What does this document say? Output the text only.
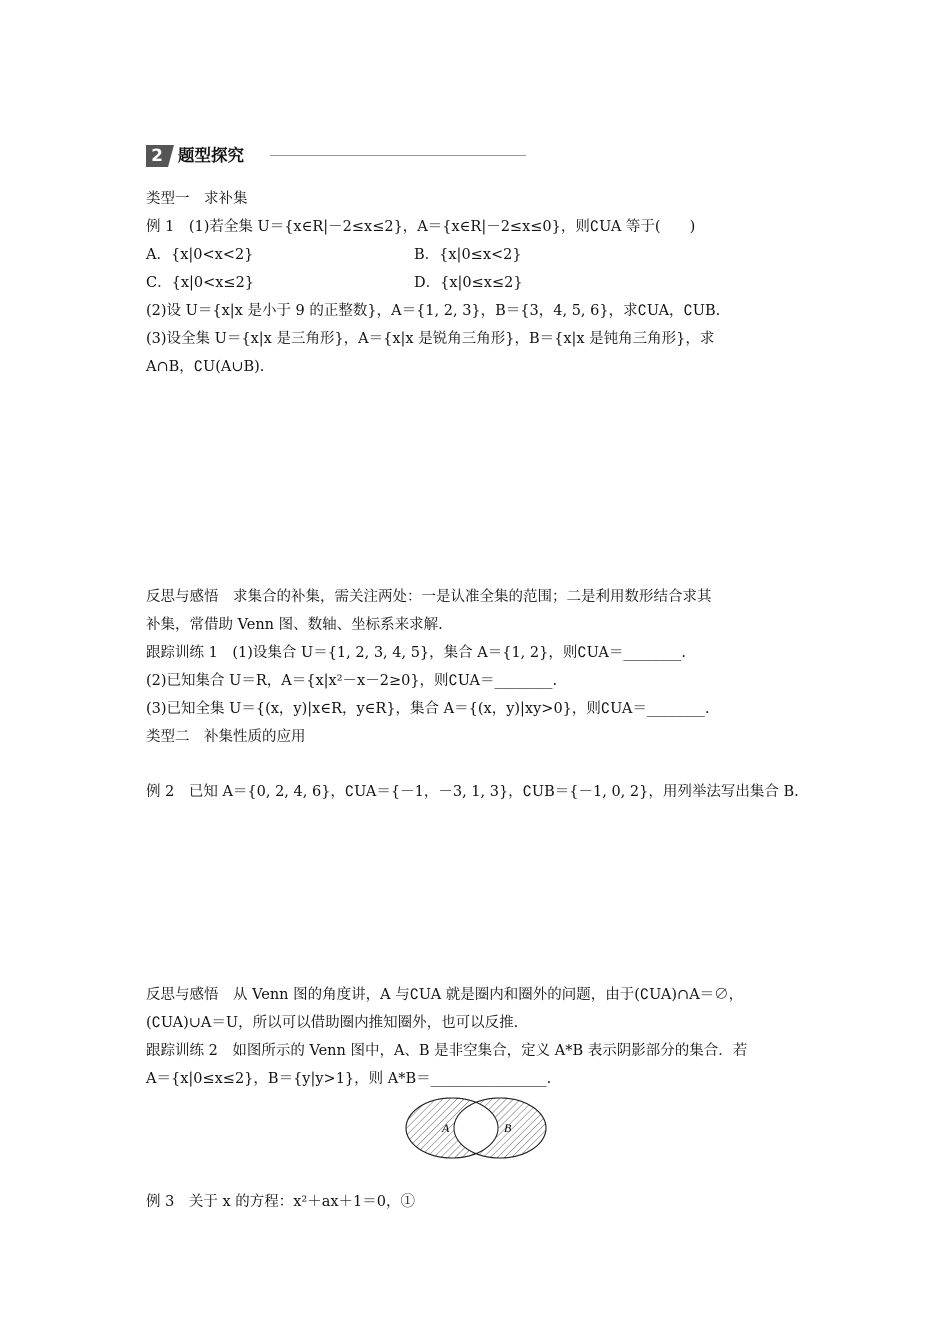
2 题型探究
类型一　求补集
例 1　(1)若全集 U＝{x∈R|－2≤x≤2}，A＝{x∈R|－2≤x≤0}，则∁UA 等于(　　)
A．{x|0<x<2}	B．{x|0≤x<2}
C．{x|0<x≤2}	D．{x|0≤x≤2}
(2)设 U＝{x|x 是小于 9 的正整数}，A＝{1, 2, 3}，B＝{3，4, 5, 6}，求∁UA，∁UB.
(3)设全集 U＝{x|x 是三角形}，A＝{x|x 是锐角三角形}，B＝{x|x 是钝角三角形}，求
A∩B，∁U(A∪B).
反思与感悟　求集合的补集，需关注两处：一是认准全集的范围；二是利用数形结合求其
补集，常借助 Venn 图、数轴、坐标系来求解.
跟踪训练 1　(1)设集合 U＝{1, 2, 3, 4, 5}，集合 A＝{1, 2}，则∁UA＝________.
(2)已知集合 U＝R，A＝{x|x²－x－2≥0}，则∁UA＝________.
(3)已知全集 U＝{(x，y)|x∈R，y∈R}，集合 A＝{(x，y)|xy>0}，则∁UA＝________.
类型二　补集性质的应用
例 2　已知 A＝{0, 2, 4, 6}，∁UA＝{－1，－3, 1, 3}，∁UB＝{－1, 0, 2}，用列举法写出集合 B.
反思与感悟　从 Venn 图的角度讲，A 与∁UA 就是圈内和圈外的问题，由于(∁UA)∩A＝∅，
(∁UA)∪A＝U，所以可以借助圈内推知圈外，也可以反推.
跟踪训练 2　如图所示的 Venn 图中，A、B 是非空集合，定义 A*B 表示阴影部分的集合．若
A＝{x|0≤x≤2}，B＝{y|y>1}，则 A*B＝________________.
A	B
例 3　关于 x 的方程：x²＋ax＋1＝0，①
